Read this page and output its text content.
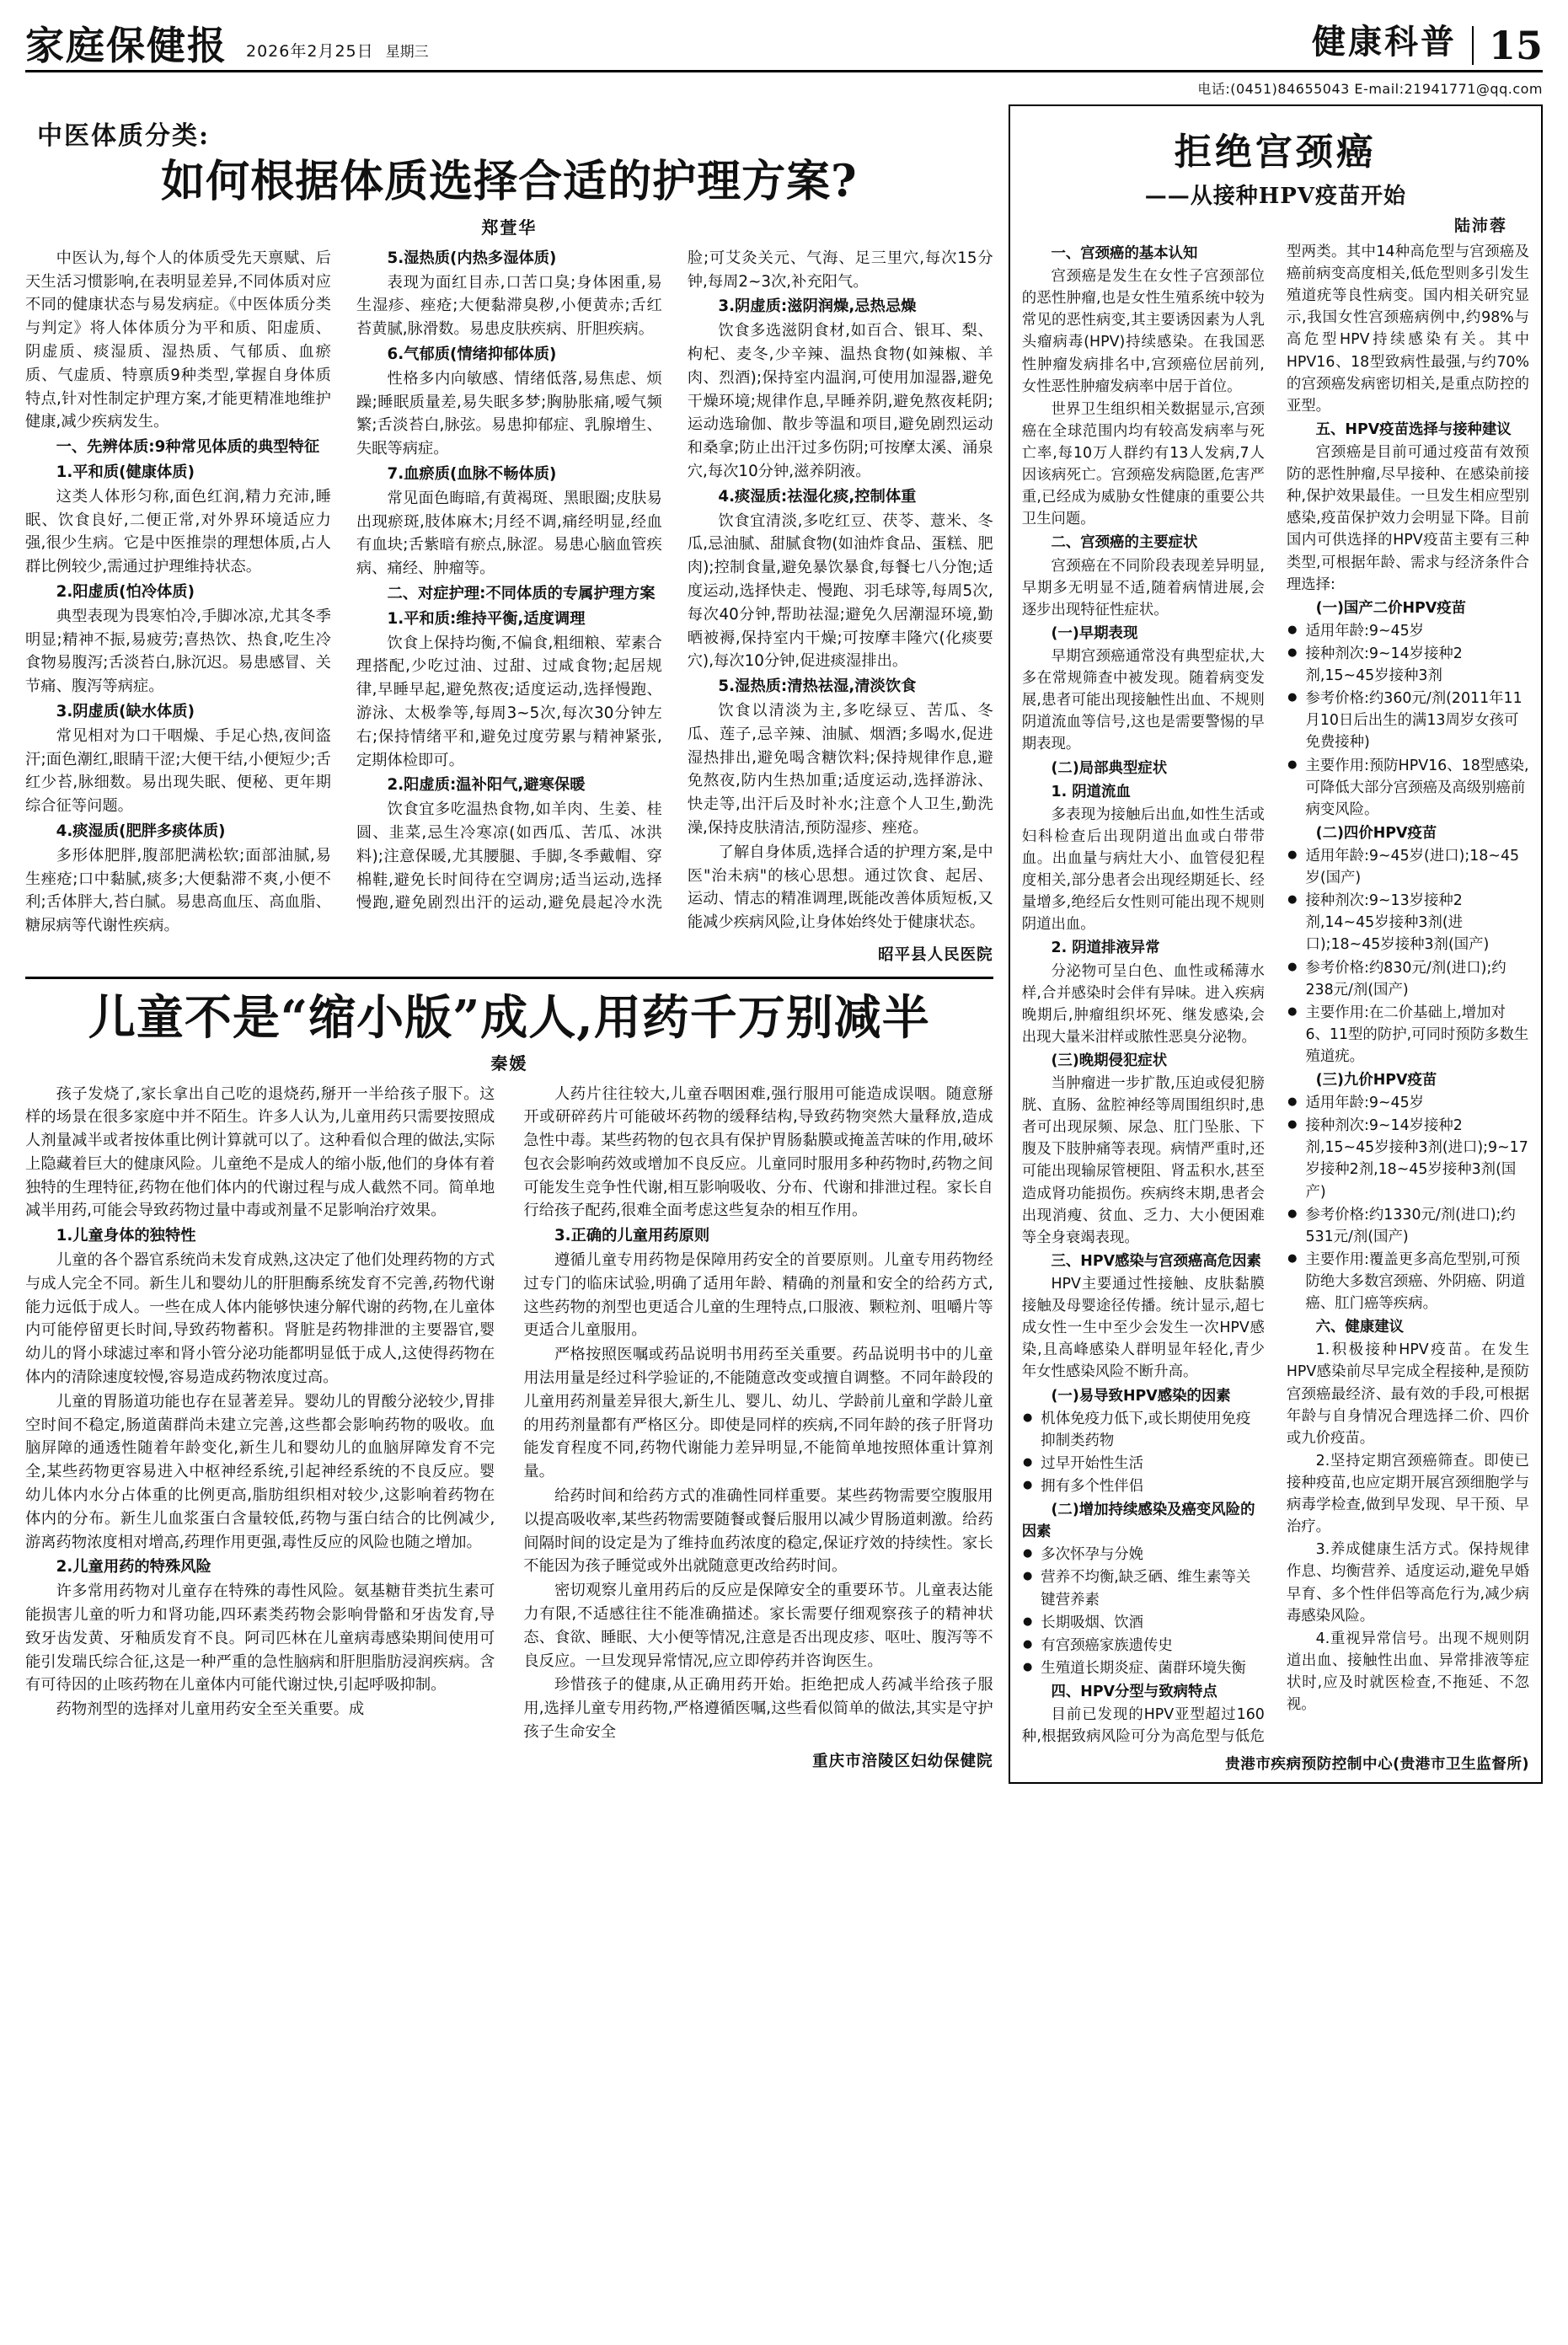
家庭保健报 2026年2月25日 星期三	健康科普 15
电话:(0451)84655043 E-mail:21941771@qq.com
中医体质分类:
如何根据体质选择合适的护理方案?
郑萱华

中医认为,每个人的体质受先天禀赋、后天生活习惯影响,在表明显差异,不同体质对应不同的健康状态与易发病症。《中医体质分类与判定》将人体体质分为平和质、阳虚质、阴虚质、痰湿质、湿热质、气郁质、血瘀质、气虚质、特禀质9种类型,掌握自身体质特点,针对性制定护理方案,才能更精准地维护健康,减少疾病发生。

一、先辨体质:9种常见体质的典型特征

1.平和质(健康体质)

这类人体形匀称,面色红润,精力充沛,睡眠、饮食良好,二便正常,对外界环境适应力强,很少生病。它是中医推崇的理想体质,占人群比例较少,需通过护理维持状态。

2.阳虚质(怕冷体质)

典型表现为畏寒怕冷,手脚冰凉,尤其冬季明显;精神不振,易疲劳;喜热饮、热食,吃生冷食物易腹泻;舌淡苔白,脉沉迟。易患感冒、关节痛、腹泻等病症。

3.阴虚质(缺水体质)

常见相对为口干咽燥、手足心热,夜间盗汗;面色潮红,眼睛干涩;大便干结,小便短少;舌红少苔,脉细数。易出现失眠、便秘、更年期综合征等问题。

4.痰湿质(肥胖多痰体质)

多形体肥胖,腹部肥满松软;面部油腻,易生痤疮;口中黏腻,痰多;大便黏滞不爽,小便不利;舌体胖大,苔白腻。易患高血压、高血脂、糖尿病等代谢性疾病。

5.湿热质(内热多湿体质)

表现为面红目赤,口苦口臭;身体困重,易生湿疹、痤疮;大便黏滞臭秽,小便黄赤;舌红苔黄腻,脉滑数。易患皮肤疾病、肝胆疾病。

6.气郁质(情绪抑郁体质)

性格多内向敏感、情绪低落,易焦虑、烦躁;睡眠质量差,易失眠多梦;胸胁胀痛,嗳气频繁;舌淡苔白,脉弦。易患抑郁症、乳腺增生、失眠等病症。

7.血瘀质(血脉不畅体质)

常见面色晦暗,有黄褐斑、黑眼圈;皮肤易出现瘀斑,肢体麻木;月经不调,痛经明显,经血有血块;舌紫暗有瘀点,脉涩。易患心脑血管疾病、痛经、肿瘤等。

二、对症护理:不同体质的专属护理方案

1.平和质:维持平衡,适度调理

饮食上保持均衡,不偏食,粗细粮、荤素合理搭配,少吃过油、过甜、过咸食物;起居规律,早睡早起,避免熬夜;适度运动,选择慢跑、游泳、太极拳等,每周3~5次,每次30分钟左右;保持情绪平和,避免过度劳累与精神紧张,定期体检即可。

2.阳虚质:温补阳气,避寒保暖

饮食宜多吃温热食物,如羊肉、生姜、桂圆、韭菜,忌生冷寒凉(如西瓜、苦瓜、冰洪料);注意保暖,尤其腰腿、手脚,冬季戴帽、穿棉鞋,避免长时间待在空调房;适当运动,选择慢跑,避免剧烈出汗的运动,避免晨起冷水洗脸;可艾灸关元、气海、足三里穴,每次15分钟,每周2~3次,补充阳气。

3.阴虚质:滋阴润燥,忌热忌燥

饮食多选滋阴食材,如百合、银耳、梨、枸杞、麦冬,少辛辣、温热食物(如辣椒、羊肉、烈酒);保持室内温润,可使用加湿器,避免干燥环境;规律作息,早睡养阴,避免熬夜耗阴;运动选瑜伽、散步等温和项目,避免剧烈运动和桑拿;防止出汗过多伤阴;可按摩太溪、涌泉穴,每次10分钟,滋养阴液。

4.痰湿质:祛湿化痰,控制体重

饮食宜清淡,多吃红豆、茯苓、薏米、冬瓜,忌油腻、甜腻食物(如油炸食品、蛋糕、肥肉);控制食量,避免暴饮暴食,每餐七八分饱;适度运动,选择快走、慢跑、羽毛球等,每周5次,每次40分钟,帮助祛湿;避免久居潮湿环境,勤晒被褥,保持室内干燥;可按摩丰隆穴(化痰要穴),每次10分钟,促进痰湿排出。

5.湿热质:清热祛湿,清淡饮食

饮食以清淡为主,多吃绿豆、苦瓜、冬瓜、莲子,忌辛辣、油腻、烟酒;多喝水,促进湿热排出,避免喝含糖饮料;保持规律作息,避免熬夜,防内生热加重;适度运动,选择游泳、快走等,出汗后及时补水;注意个人卫生,勤洗澡,保持皮肤清洁,预防湿疹、痤疮。

了解自身体质,选择合适的护理方案,是中医"治未病"的核心思想。通过饮食、起居、运动、情志的精准调理,既能改善体质短板,又能减少疾病风险,让身体始终处于健康状态。

昭平县人民医院
儿童不是“缩小版”成人,用药千万别减半
秦媛

孩子发烧了,家长拿出自己吃的退烧药,掰开一半给孩子服下。这样的场景在很多家庭中并不陌生。许多人认为,儿童用药只需要按照成人剂量减半或者按体重比例计算就可以了。这种看似合理的做法,实际上隐藏着巨大的健康风险。儿童绝不是成人的缩小版,他们的身体有着独特的生理特征,药物在他们体内的代谢过程与成人截然不同。简单地减半用药,可能会导致药物过量中毒或剂量不足影响治疗效果。

1.儿童身体的独特性

儿童的各个器官系统尚未发育成熟,这决定了他们处理药物的方式与成人完全不同。新生儿和婴幼儿的肝胆酶系统发育不完善,药物代谢能力远低于成人。一些在成人体内能够快速分解代谢的药物,在儿童体内可能停留更长时间,导致药物蓄积。肾脏是药物排泄的主要器官,婴幼儿的肾小球滤过率和肾小管分泌功能都明显低于成人,这使得药物在体内的清除速度较慢,容易造成药物浓度过高。

儿童的胃肠道功能也存在显著差异。婴幼儿的胃酸分泌较少,胃排空时间不稳定,肠道菌群尚未建立完善,这些都会影响药物的吸收。血脑屏障的通透性随着年龄变化,新生儿和婴幼儿的血脑屏障发育不完全,某些药物更容易进入中枢神经系统,引起神经系统的不良反应。婴幼儿体内水分占体重的比例更高,脂肪组织相对较少,这影响着药物在体内的分布。新生儿血浆蛋白含量较低,药物与蛋白结合的比例减少,游离药物浓度相对增高,药理作用更强,毒性反应的风险也随之增加。

2.儿童用药的特殊风险

许多常用药物对儿童存在特殊的毒性风险。氨基糖苷类抗生素可能损害儿童的听力和肾功能,四环素类药物会影响骨骼和牙齿发育,导致牙齿发黄、牙釉质发育不良。阿司匹林在儿童病毒感染期间使用可能引发瑞氏综合征,这是一种严重的急性脑病和肝胆脂肪浸润疾病。含有可待因的止咳药物在儿童体内可能代谢过快,引起呼吸抑制。

药物剂型的选择对儿童用药安全至关重要。成

人药片往往较大,儿童吞咽困难,强行服用可能造成误咽。随意掰开或研碎药片可能破坏药物的缓释结构,导致药物突然大量释放,造成急性中毒。某些药物的包衣具有保护胃肠黏膜或掩盖苦味的作用,破坏包衣会影响药效或增加不良反应。儿童同时服用多种药物时,药物之间可能发生竞争性代谢,相互影响吸收、分布、代谢和排泄过程。家长自行给孩子配药,很难全面考虑这些复杂的相互作用。

3.正确的儿童用药原则

遵循儿童专用药物是保障用药安全的首要原则。儿童专用药物经过专门的临床试验,明确了适用年龄、精确的剂量和安全的给药方式,这些药物的剂型也更适合儿童的生理特点,口服液、颗粒剂、咀嚼片等更适合儿童服用。

严格按照医嘱或药品说明书用药至关重要。药品说明书中的儿童用法用量是经过科学验证的,不能随意改变或擅自调整。不同年龄段的儿童用药剂量差异很大,新生儿、婴儿、幼儿、学龄前儿童和学龄儿童的用药剂量都有严格区分。即使是同样的疾病,不同年龄的孩子肝肾功能发育程度不同,药物代谢能力差异明显,不能简单地按照体重计算剂量。

给药时间和给药方式的准确性同样重要。某些药物需要空腹服用以提高吸收率,某些药物需要随餐或餐后服用以减少胃肠道刺激。给药间隔时间的设定是为了维持血药浓度的稳定,保证疗效的持续性。家长不能因为孩子睡觉或外出就随意更改给药时间。

密切观察儿童用药后的反应是保障安全的重要环节。儿童表达能力有限,不适感往往不能准确描述。家长需要仔细观察孩子的精神状态、食欲、睡眠、大小便等情况,注意是否出现皮疹、呕吐、腹泻等不良反应。一旦发现异常情况,应立即停药并咨询医生。

珍惜孩子的健康,从正确用药开始。拒绝把成人药减半给孩子服用,选择儿童专用药物,严格遵循医嘱,这些看似简单的做法,其实是守护孩子生命安全

重庆市涪陵区妇幼保健院
拒绝宫颈癌
——从接种HPV疫苗开始
陆沛蓉

一、宫颈癌的基本认知

宫颈癌是发生在女性子宫颈部位的恶性肿瘤,也是女性生殖系统中较为常见的恶性病变,其主要诱因素为人乳头瘤病毒(HPV)持续感染。在我国恶性肿瘤发病排名中,宫颈癌位居前列,女性恶性肿瘤发病率中居于首位。

世界卫生组织相关数据显示,宫颈癌在全球范围内均有较高发病率与死亡率,每10万人群约有13人发病,7人因该病死亡。宫颈癌发病隐匿,危害严重,已经成为威胁女性健康的重要公共卫生问题。

二、宫颈癌的主要症状

宫颈癌在不同阶段表现差异明显,早期多无明显不适,随着病情进展,会逐步出现特征性症状。

(一)早期表现

早期宫颈癌通常没有典型症状,大多在常规筛查中被发现。随着病变发展,患者可能出现接触性出血、不规则阴道流血等信号,这也是需要警惕的早期表现。

(二)局部典型症状

1. 阴道流血

多表现为接触后出血,如性生活或妇科检查后出现阴道出血或白带带血。出血量与病灶大小、血管侵犯程度相关,部分患者会出现经期延长、经量增多,绝经后女性则可能出现不规则阴道出血。

2. 阴道排液异常

分泌物可呈白色、血性或稀薄水样,合并感染时会伴有异味。进入疾病晚期后,肿瘤组织坏死、继发感染,会出现大量米泔样或脓性恶臭分泌物。

(三)晚期侵犯症状

当肿瘤进一步扩散,压迫或侵犯膀胱、直肠、盆腔神经等周围组织时,患者可出现尿频、尿急、肛门坠胀、下腹及下肢肿痛等表现。病情严重时,还可能出现输尿管梗阻、肾盂积水,甚至造成肾功能损伤。疾病终末期,患者会出现消瘦、贫血、乏力、大小便困难等全身衰竭表现。

三、HPV感染与宫颈癌高危因素

HPV主要通过性接触、皮肤黏膜接触及母婴途径传播。统计显示,超七成女性一生中至少会发生一次HPV感染,且高峰感染人群明显年轻化,青少年女性感染风险不断升高。

(一)易导致HPV感染的因素

● 机体免疫力低下,或长期使用免疫抑制类药物

● 过早开始性生活

● 拥有多个性伴侣

(二)增加持续感染及癌变风险的因素

● 多次怀孕与分娩

● 营养不均衡,缺乏硒、维生素等关键营养素

● 长期吸烟、饮酒

● 有宫颈癌家族遗传史

● 生殖道长期炎症、菌群环境失衡

四、HPV分型与致病特点

目前已发现的HPV亚型超过160种,根据致病风险可分为高危型与低危型两类。其中14种高危型与宫颈癌及癌前病变高度相关,低危型则多引发生殖道疣等良性病变。国内相关研究显示,我国女性宫颈癌病例中,约98%与高危型HPV持续感染有关。其中HPV16、18型致病性最强,与约70%的宫颈癌发病密切相关,是重点防控的亚型。

五、HPV疫苗选择与接种建议

宫颈癌是目前可通过疫苗有效预防的恶性肿瘤,尽早接种、在感染前接种,保护效果最佳。一旦发生相应型别感染,疫苗保护效力会明显下降。目前国内可供选择的HPV疫苗主要有三种类型,可根据年龄、需求与经济条件合理选择:

(一)国产二价HPV疫苗

● 适用年龄:9~45岁

● 接种剂次:9~14岁接种2剂,15~45岁接种3剂

● 参考价格:约360元/剂(2011年11月10日后出生的满13周岁女孩可免费接种)

● 主要作用:预防HPV16、18型感染,可降低大部分宫颈癌及高级别癌前病变风险。

(二)四价HPV疫苗

● 适用年龄:9~45岁(进口);18~45岁(国产)

● 接种剂次:9~13岁接种2剂,14~45岁接种3剂(进口);18~45岁接种3剂(国产)

● 参考价格:约830元/剂(进口);约238元/剂(国产)

● 主要作用:在二价基础上,增加对6、11型的防护,可同时预防多数生殖道疣。

(三)九价HPV疫苗

● 适用年龄:9~45岁

● 接种剂次:9~14岁接种2剂,15~45岁接种3剂(进口);9~17岁接种2剂,18~45岁接种3剂(国产)

● 参考价格:约1330元/剂(进口);约531元/剂(国产)

● 主要作用:覆盖更多高危型别,可预防绝大多数宫颈癌、外阴癌、阴道癌、肛门癌等疾病。

六、健康建议

1.积极接种HPV疫苗。在发生HPV感染前尽早完成全程接种,是预防宫颈癌最经济、最有效的手段,可根据年龄与自身情况合理选择二价、四价或九价疫苗。

2.坚持定期宫颈癌筛查。即使已接种疫苗,也应定期开展宫颈细胞学与病毒学检查,做到早发现、早干预、早治疗。

3.养成健康生活方式。保持规律作息、均衡营养、适度运动,避免早婚早育、多个性伴侣等高危行为,减少病毒感染风险。

4.重视异常信号。出现不规则阴道出血、接触性出血、异常排液等症状时,应及时就医检查,不拖延、不忽视。

贵港市疾病预防控制中心(贵港市卫生监督所)
